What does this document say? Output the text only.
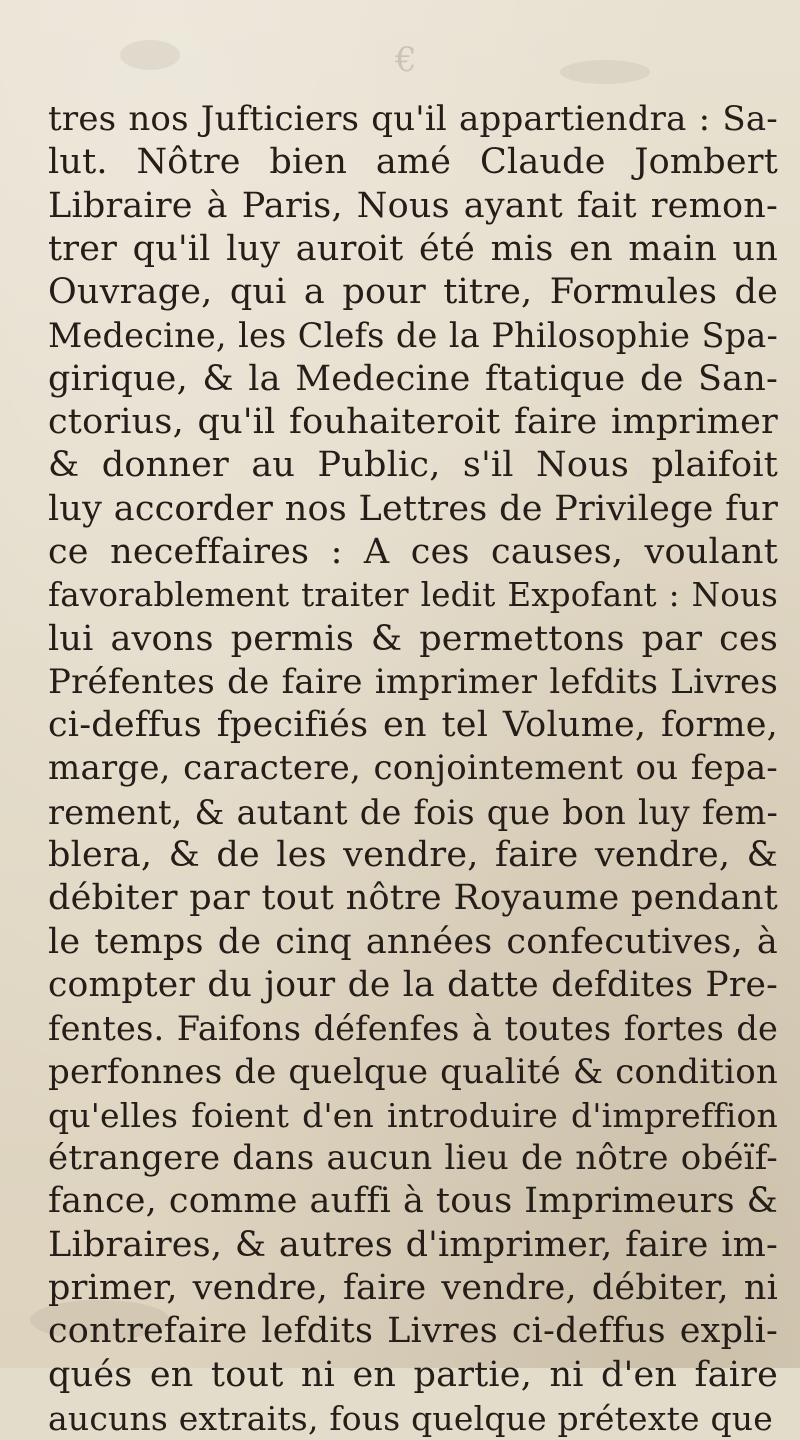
€
tres nos Jufticiers qu'il appartiendra : Sa-
lut. Nôtre bien amé Claude Jombert
Libraire à Paris, Nous ayant fait remon-
trer qu'il luy auroit été mis en main un
Ouvrage, qui a pour titre, Formules de
Medecine, les Clefs de la Philosophie Spa-
girique, & la Medecine ftatique de San-
ctorius, qu'il fouhaiteroit faire imprimer
& donner au Public, s'il Nous plaifoit
luy accorder nos Lettres de Privilege fur
ce neceffaires : A ces causes, voulant
favorablement traiter ledit Expofant : Nous
lui avons permis & permettons par ces
Préfentes de faire imprimer lefdits Livres
ci-deffus fpecifiés en tel Volume, forme,
marge, caractere, conjointement ou fepa-
rement, & autant de fois que bon luy fem-
blera, & de les vendre, faire vendre, &
débiter par tout nôtre Royaume pendant
le temps de cinq années confecutives, à
compter du jour de la datte defdites Pre-
fentes. Faifons défenfes à toutes fortes de
perfonnes de quelque qualité & condition
qu'elles foient d'en introduire d'impreffion
étrangere dans aucun lieu de nôtre obéïf-
fance, comme auffi à tous Imprimeurs &
Libraires, & autres d'imprimer, faire im-
primer, vendre, faire vendre, débiter, ni
contrefaire lefdits Livres ci-deffus expli-
qués en tout ni en partie, ni d'en faire
aucuns extraits, fous quelque prétexte que
